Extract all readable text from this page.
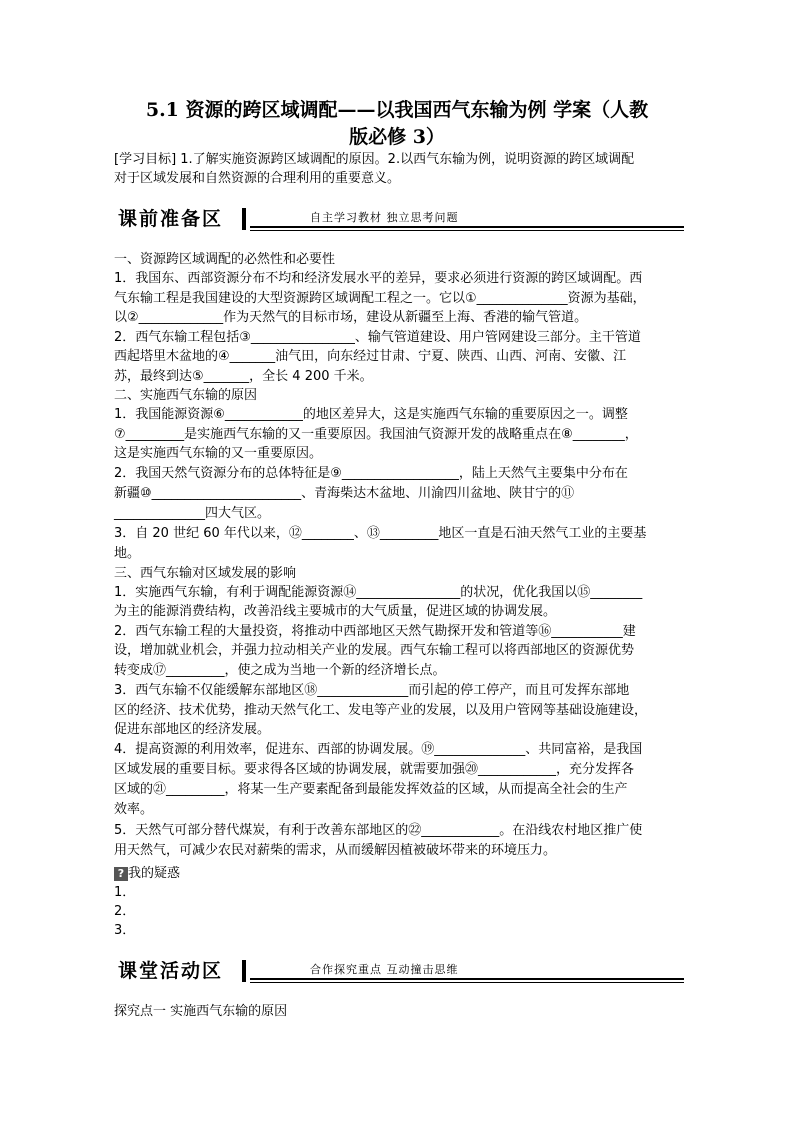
5.1 资源的跨区域调配——以我国西气东输为例 学案（人教
版必修 3）
[学习目标] 1.了解实施资源跨区域调配的原因。2.以西气东输为例，说明资源的跨区域调配
对于区域发展和自然资源的合理利用的重要意义。
课前准备区	自主学习教材 独立思考问题
一、资源跨区域调配的必然性和必要性
1．我国东、西部资源分布不均和经济发展水平的差异，要求必须进行资源的跨区域调配。西
气东输工程是我国建设的大型资源跨区域调配工程之一。它以①______________资源为基础，
以②_____________作为天然气的目标市场，建设从新疆至上海、香港的输气管道。
2．西气东输工程包括③________________、输气管道建设、用户管网建设三部分。主干管道
西起塔里木盆地的④_______油气田，向东经过甘肃、宁夏、陕西、山西、河南、安徽、江
苏，最终到达⑤_______，全长 4 200 千米。
二、实施西气东输的原因
1．我国能源资源⑥____________的地区差异大，这是实施西气东输的重要原因之一。调整
⑦_________是实施西气东输的又一重要原因。我国油气资源开发的战略重点在⑧________，
这是实施西气东输的又一重要原因。
2．我国天然气资源分布的总体特征是⑨__________________，陆上天然气主要集中分布在
新疆⑩_______________________、青海柴达木盆地、川渝四川盆地、陕甘宁的⑪
______________四大气区。
3．自 20 世纪 60 年代以来，⑫________、⑬_________地区一直是石油天然气工业的主要基
地。
三、西气东输对区域发展的影响
1．实施西气东输，有利于调配能源资源⑭________________的状况，优化我国以⑮________
为主的能源消费结构，改善沿线主要城市的大气质量，促进区域的协调发展。
2．西气东输工程的大量投资，将推动中西部地区天然气勘探开发和管道等⑯___________建
设，增加就业机会，并强力拉动相关产业的发展。西气东输工程可以将西部地区的资源优势
转变成⑰_________，使之成为当地一个新的经济增长点。
3．西气东输不仅能缓解东部地区⑱______________而引起的停工停产，而且可发挥东部地
区的经济、技术优势，推动天然气化工、发电等产业的发展，以及用户管网等基础设施建设，
促进东部地区的经济发展。
4．提高资源的利用效率，促进东、西部的协调发展。⑲______________、共同富裕，是我国
区域发展的重要目标。要求得各区域的协调发展，就需要加强⑳____________，充分发挥各
区域的㉑_________，将某一生产要素配备到最能发挥效益的区域，从而提高全社会的生产
效率。
5．天然气可部分替代煤炭，有利于改善东部地区的㉒____________。在沿线农村地区推广使
用天然气，可减少农民对薪柴的需求，从而缓解因植被破坏带来的环境压力。
? 我的疑惑
1．
2．
3．
课堂活动区	合作探究重点 互动撞击思维
探究点一 实施西气东输的原因
